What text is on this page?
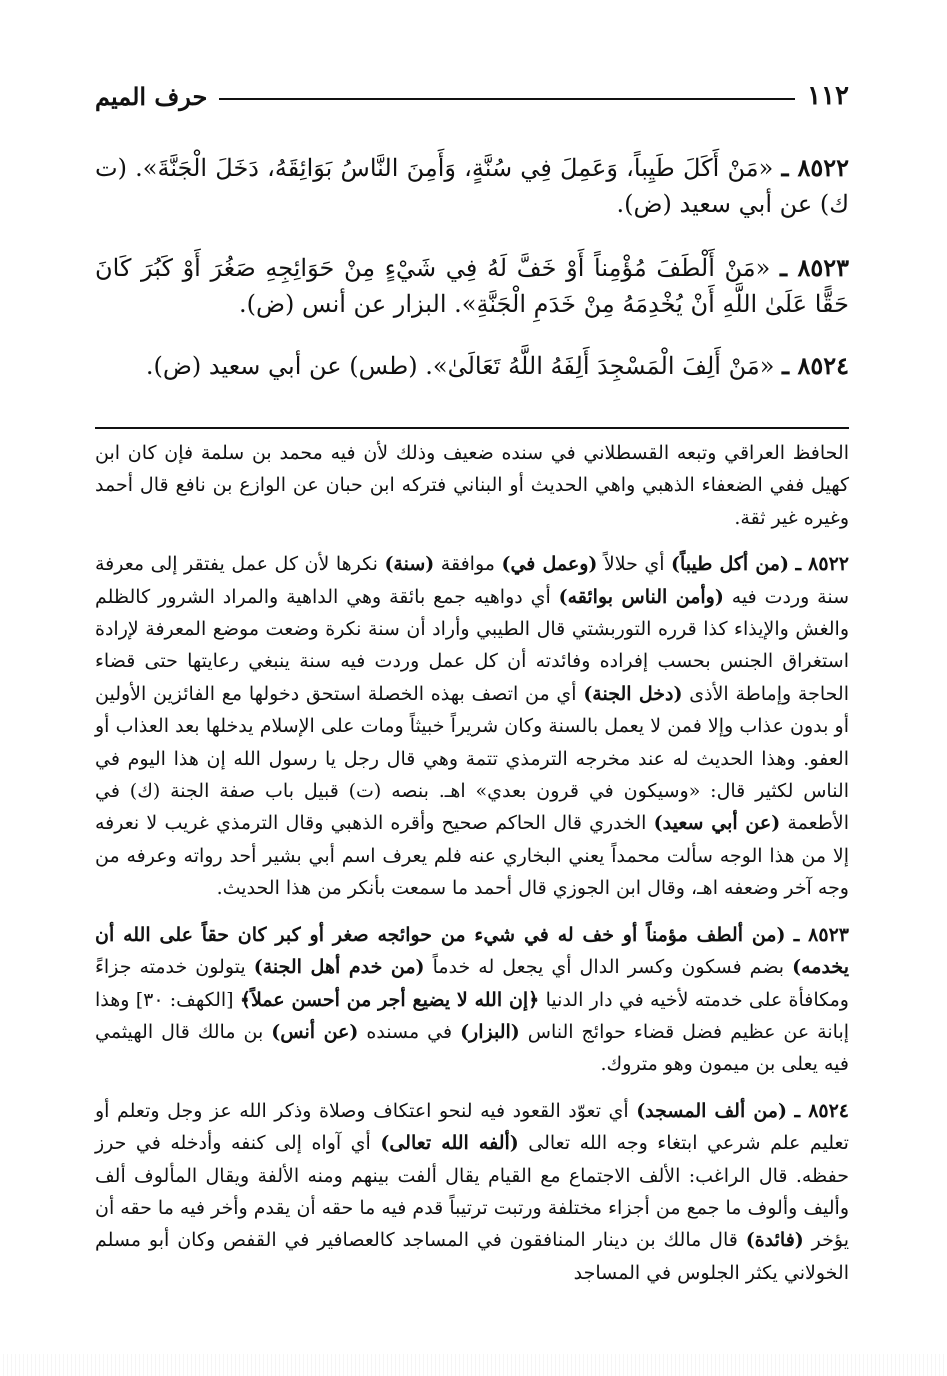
١١٢
حرف الميم
٨٥٢٢ ـ «مَنْ أَكَلَ طَيِباً، وَعَمِلَ فِي سُنَّةٍ، وَأَمِنَ النَّاسُ بَوَائِقَهُ، دَخَلَ الْجَنَّةَ». (ت ك) عن أبي سعيد (ض).
٨٥٢٣ ـ «مَنْ أَلْطَفَ مُؤْمِناً أَوْ خَفَّ لَهُ فِي شَيْءٍ مِنْ حَوَائِجِهِ صَغُرَ أَوْ كَبُرَ كَانَ حَقًّا عَلَىٰ اللَّهِ أَنْ يُخْدِمَهُ مِنْ خَدَمِ الْجَنَّةِ». البزار عن أنس (ض).
٨٥٢٤ ـ «مَنْ أَلِفَ الْمَسْجِدَ أَلِفَهُ اللَّهُ تَعَالَىٰ». (طس) عن أبي سعيد (ض).

الحافظ العراقي وتبعه القسطلاني في سنده ضعيف وذلك لأن فيه محمد بن سلمة فإن كان ابن كهيل ففي الضعفاء الذهبي واهي الحديث أو البناني فتركه ابن حبان عن الوازع بن نافع قال أحمد وغيره غير ثقة.

٨٥٢٢ ـ (من أكل طيباً) أي حلالاً (وعمل في) موافقة (سنة) نكرها لأن كل عمل يفتقر إلى معرفة سنة وردت فيه (وأمن الناس بوائقه) أي دواهيه جمع بائقة وهي الداهية والمراد الشرور كالظلم والغش والإيذاء كذا قرره التوربشتي قال الطيبي وأراد أن سنة نكرة وضعت موضع المعرفة لإرادة استغراق الجنس بحسب إفراده وفائدته أن كل عمل وردت فيه سنة ينبغي رعايتها حتى قضاء الحاجة وإماطة الأذى (دخل الجنة) أي من اتصف بهذه الخصلة استحق دخولها مع الفائزين الأولين أو بدون عذاب وإلا فمن لا يعمل بالسنة وكان شريراً خبيثاً ومات على الإسلام يدخلها بعد العذاب أو العفو. وهذا الحديث له عند مخرجه الترمذي تتمة وهي قال رجل يا رسول الله إن هذا اليوم في الناس لكثير قال: «وسيكون في قرون بعدي» اهـ. بنصه (ت) قبيل باب صفة الجنة (ك) في الأطعمة (عن أبي سعيد) الخدري قال الحاكم صحيح وأقره الذهبي وقال الترمذي غريب لا نعرفه إلا من هذا الوجه سألت محمداً يعني البخاري عنه فلم يعرف اسم أبي بشير أحد رواته وعرفه من وجه آخر وضعفه اهـ، وقال ابن الجوزي قال أحمد ما سمعت بأنكر من هذا الحديث.

٨٥٢٣ ـ (من ألطف مؤمناً أو خف له في شيء من حوائجه صغر أو كبر كان حقاً على الله أن يخدمه) بضم فسكون وكسر الدال أي يجعل له خدماً (من خدم أهل الجنة) يتولون خدمته جزاءً ومكافأة على خدمته لأخيه في دار الدنيا ﴿إن الله لا يضيع أجر من أحسن عملاً﴾ [الكهف: ٣٠] وهذا إبانة عن عظيم فضل قضاء حوائج الناس (البزار) في مسنده (عن أنس) بن مالك قال الهيثمي فيه يعلى بن ميمون وهو متروك.

٨٥٢٤ ـ (من ألف المسجد) أي تعوّد القعود فيه لنحو اعتكاف وصلاة وذكر الله عز وجل وتعلم أو تعليم علم شرعي ابتغاء وجه الله تعالى (ألفه الله تعالى) أي آواه إلى كنفه وأدخله في حرز حفظه. قال الراغب: الألف الاجتماع مع القيام يقال ألفت بينهم ومنه الألفة ويقال المألوف ألف وأليف وألوف ما جمع من أجزاء مختلفة ورتبت ترتيباً قدم فيه ما حقه أن يقدم وأخر فيه ما حقه أن يؤخر (فائدة) قال مالك بن دينار المنافقون في المساجد كالعصافير في القفص وكان أبو مسلم الخولاني يكثر الجلوس في المساجد
